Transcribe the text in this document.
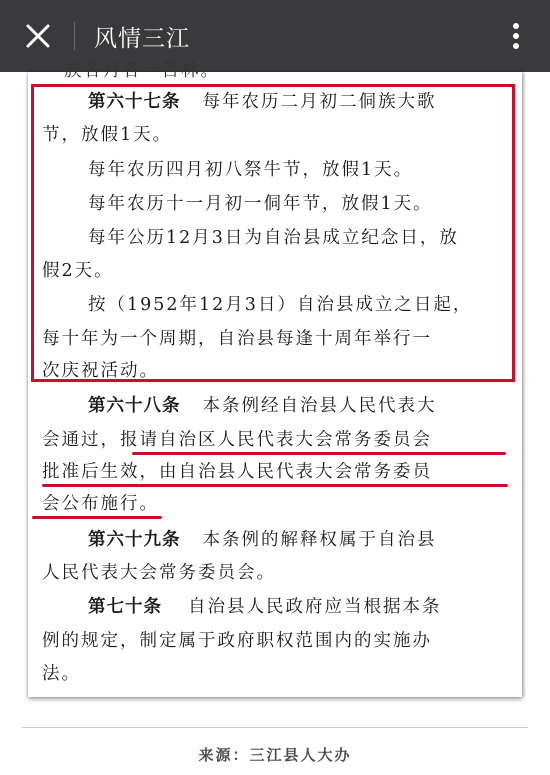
风情三江
族各月各一苦林。
第六十七条 每年农历二月初二侗族大歌
节，放假1天。
每年农历四月初八祭牛节，放假1天。
每年农历十一月初一侗年节，放假1天。
每年公历12月3日为自治县成立纪念日，放
假2天。
按（1952年12月3日）自治县成立之日起，
每十年为一个周期，自治县每逢十周年举行一
次庆祝活动。
第六十八条 本条例经自治县人民代表大
会通过，报请自治区人民代表大会常务委员会
批准后生效，由自治县人民代表大会常务委员
会公布施行。
第六十九条 本条例的解释权属于自治县
人民代表大会常务委员会。
第七十条 自治县人民政府应当根据本条
例的规定，制定属于政府职权范围内的实施办
法。
来源：三江县人大办
